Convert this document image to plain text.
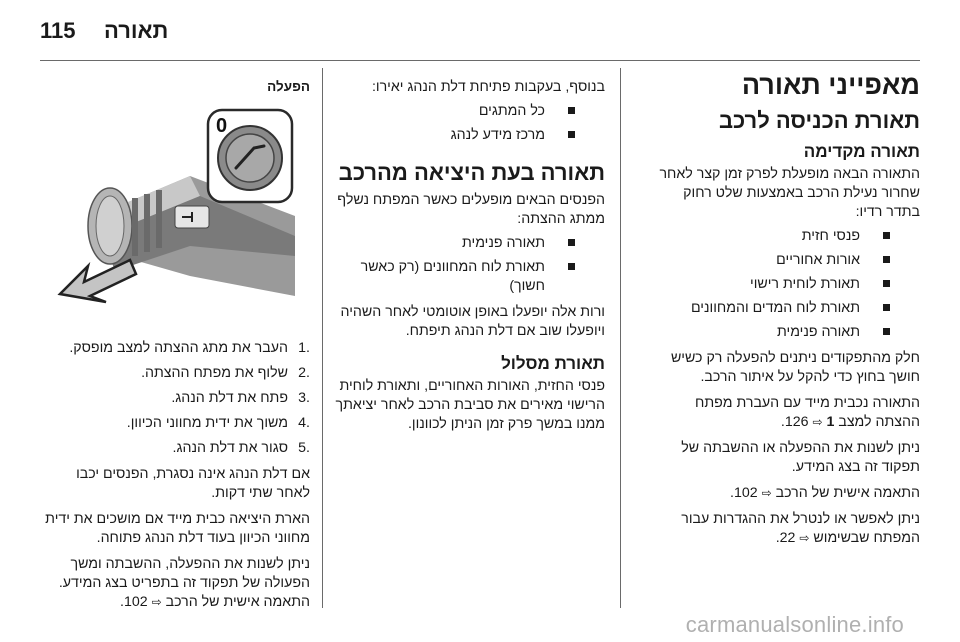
115 תאורה
מאפייני תאורה
תאורת הכניסה לרכב
תאורה מקדימה

התאורה הבאה מופעלת לפרק זמן קצר לאחר שחרור נעילת הרכב באמצעות שלט רחוק בתדר רדיו:

פנסי חזית
אורות אחוריים
תאורת לוחית רישוי
תאורת לוח המדים והמחוונים
תאורה פנימית

חלק מהתפקודים ניתנים להפעלה רק כשיש חושך בחוץ כדי להקל על איתור הרכב.

התאורה נכבית מייד עם העברת מפתח ההצתה למצב 1 ⇨ 126.

ניתן לשנות את ההפעלה או ההשבתה של תפקוד זה בצג המידע.

התאמה אישית של הרכב ⇨ 102.

ניתן לאפשר או לנטרל את ההגדרות עבור המפתח שבשימוש ⇨ 22.

בנוסף, בעקבות פתיחת דלת הנהג יאירו:

כל המתגים
מרכז מידע לנהג
תאורה בעת היציאה מהרכב

הפנסים הבאים מופעלים כאשר המפתח נשלף ממתג ההצתה:

תאורה פנימית
תאורת לוח המחוונים (רק כאשר חשוך)

ורות אלה יופעלו באופן אוטומטי לאחר השהיה ויופעלו שוב אם דלת הנהג תיפתח.

תאורת מסלול

פנסי החזית, האורות האחוריים, ותאורת לוחית הרישוי מאירים את סביבת הרכב לאחר יציאתך ממנו במשך פרק זמן הניתן לכוונון.

הפעלה
0
.1
העבר את מתג ההצתה למצב מופסק.
.2
שלוף את מפתח ההצתה.
.3
פתח את דלת הנהג.
.4
משוך את ידית מחווני הכיוון.
.5
סגור את דלת הנהג.

אם דלת הנהג אינה נסגרת, הפנסים יכבו לאחר שתי דקות.

הארת היציאה כבית מייד אם מושכים את ידית מחווני הכיוון בעוד דלת הנהג פתוחה.

ניתן לשנות את ההפעלה, ההשבתה ומשך הפעולה של תפקוד זה בתפריט בצג המידע. התאמה אישית של הרכב ⇨ 102.

carmanualsonline.info
